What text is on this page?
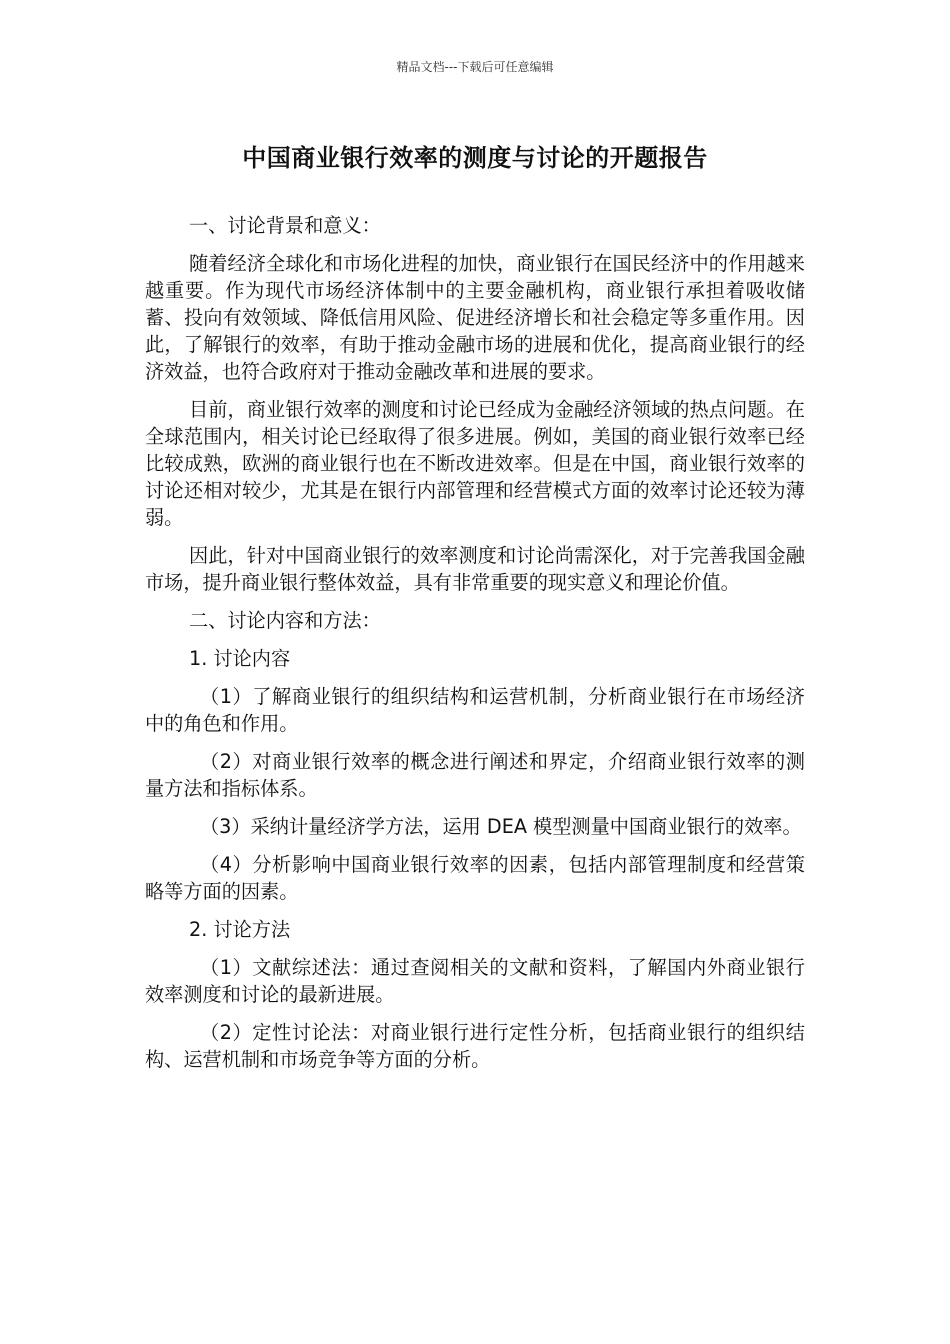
精品文档---下载后可任意编辑
中国商业银行效率的测度与讨论的开题报告

一、讨论背景和意义：

随着经济全球化和市场化进程的加快，商业银行在国民经济中的作用越来越重要。作为现代市场经济体制中的主要金融机构，商业银行承担着吸收储蓄、投向有效领域、降低信用风险、促进经济增长和社会稳定等多重作用。因此，了解银行的效率，有助于推动金融市场的进展和优化，提高商业银行的经济效益，也符合政府对于推动金融改革和进展的要求。

目前，商业银行效率的测度和讨论已经成为金融经济领域的热点问题。在全球范围内，相关讨论已经取得了很多进展。例如，美国的商业银行效率已经比较成熟，欧洲的商业银行也在不断改进效率。但是在中国，商业银行效率的讨论还相对较少，尤其是在银行内部管理和经营模式方面的效率讨论还较为薄弱。

因此，针对中国商业银行的效率测度和讨论尚需深化，对于完善我国金融市场，提升商业银行整体效益，具有非常重要的现实意义和理论价值。

二、讨论内容和方法：

1. 讨论内容

（1）了解商业银行的组织结构和运营机制，分析商业银行在市场经济中的角色和作用。

（2）对商业银行效率的概念进行阐述和界定，介绍商业银行效率的测量方法和指标体系。

（3）采纳计量经济学方法，运用 DEA 模型测量中国商业银行的效率。

（4）分析影响中国商业银行效率的因素，包括内部管理制度和经营策略等方面的因素。

2. 讨论方法

（1）文献综述法：通过查阅相关的文献和资料，了解国内外商业银行效率测度和讨论的最新进展。

（2）定性讨论法：对商业银行进行定性分析，包括商业银行的组织结构、运营机制和市场竞争等方面的分析。
